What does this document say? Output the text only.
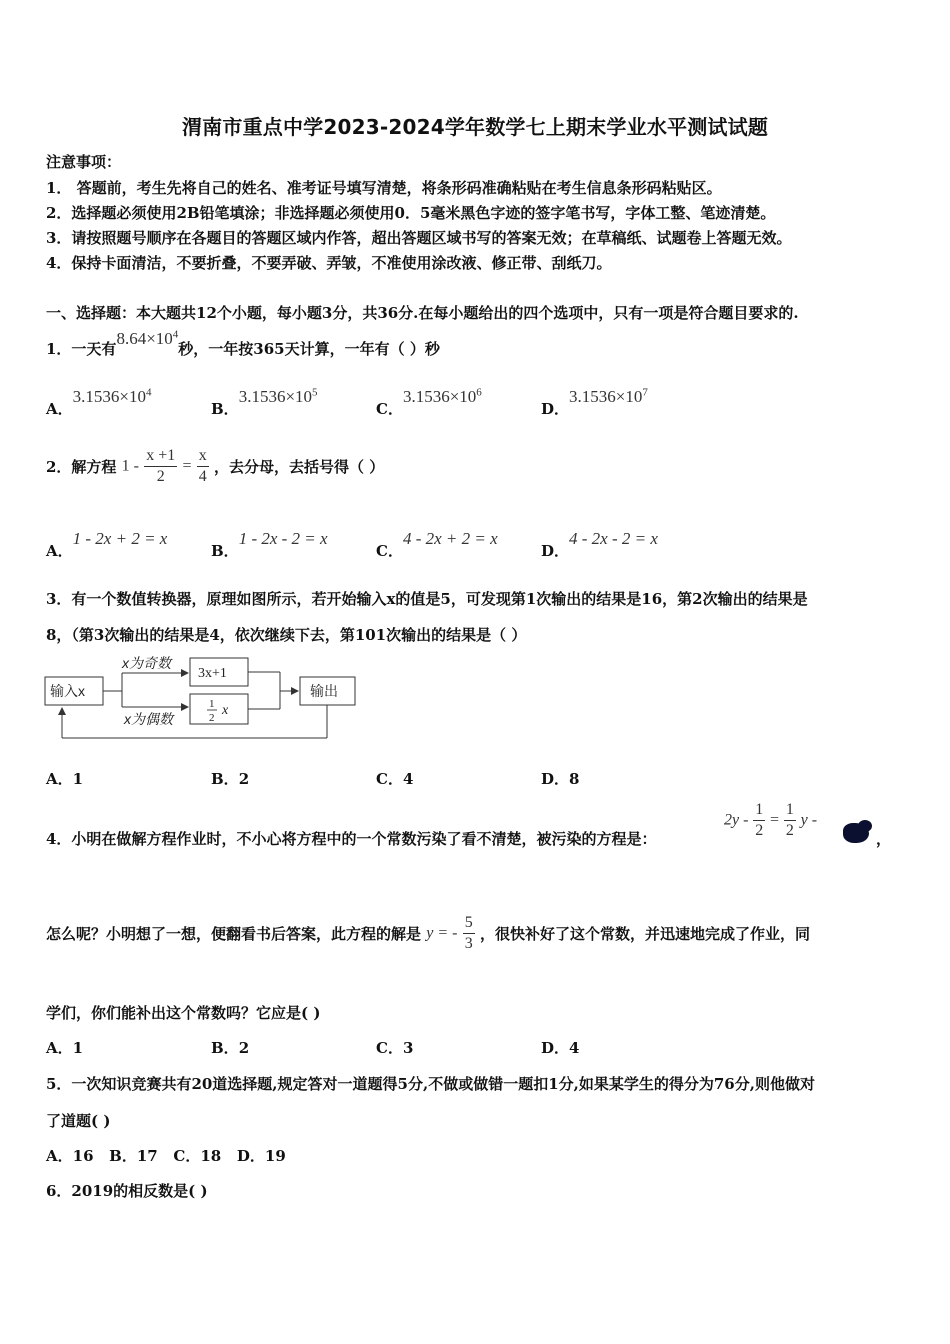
渭南市重点中学2023-2024学年数学七上期末学业水平测试试题
注意事项：
1． 答题前，考生先将自己的姓名、准考证号填写清楚，将条形码准确粘贴在考生信息条形码粘贴区。
2．选择题必须使用2B铅笔填涂；非选择题必须使用0．5毫米黑色字迹的签字笔书写，字体工整、笔迹清楚。
3．请按照题号顺序在各题目的答题区域内作答，超出答题区域书写的答案无效；在草稿纸、试题卷上答题无效。
4．保持卡面清洁，不要折叠，不要弄破、弄皱，不准使用涂改液、修正带、刮纸刀。
一、选择题：本大题共12个小题，每小题3分，共36分.在每小题给出的四个选项中，只有一项是符合题目要求的.
1．一天有$8.64\times 10^4$秒，一年按365天计算，一年有（ ）秒
A．$3.1536\times 10^4$
B．$3.1536\times 10^5$
C．$3.1536\times 10^6$
D．$3.1536\times 10^7$
2．解方程 $1 - \frac{x +1}{2} = \frac{x}{4}$ ，去分母，去括号得（ ）
A．1 - 2x + 2 = x
B．1 - 2x - 2 = x
C．4 - 2x + 2 = x
D．4 - 2x - 2 = x
3．有一个数值转换器，原理如图所示，若开始输入x的值是5，可发现第1次输出的结果是16，第2次输出的结果是
8，（第3次输出的结果是4，依次继续下去，第101次输出的结果是（ ）
输入x
x为奇数
x为偶数
3x+1
1
2 x
输出
A．1	B．2	C．4	D．8
4．小明在做解方程作业时，不小心将方程中的一个常数污染了看不清楚，被污染的方程是：
$2y - \frac{1}{2} = \frac{1}{2}$ y -
，
怎么呢？小明想了一想，便翻看书后答案，此方程的解是 y = - $\frac{5}{3}$ ，很快补好了这个常数，并迅速地完成了作业，同
学们，你们能补出这个常数吗？它应是( )
A．1	B．2	C．3	D．4
5．一次知识竞赛共有20道选择题,规定答对一道题得5分,不做或做错一题扣1分,如果某学生的得分为76分,则他做对
了道题( )
A．16   B．17   C．18   D．19
6．2019的相反数是( )
